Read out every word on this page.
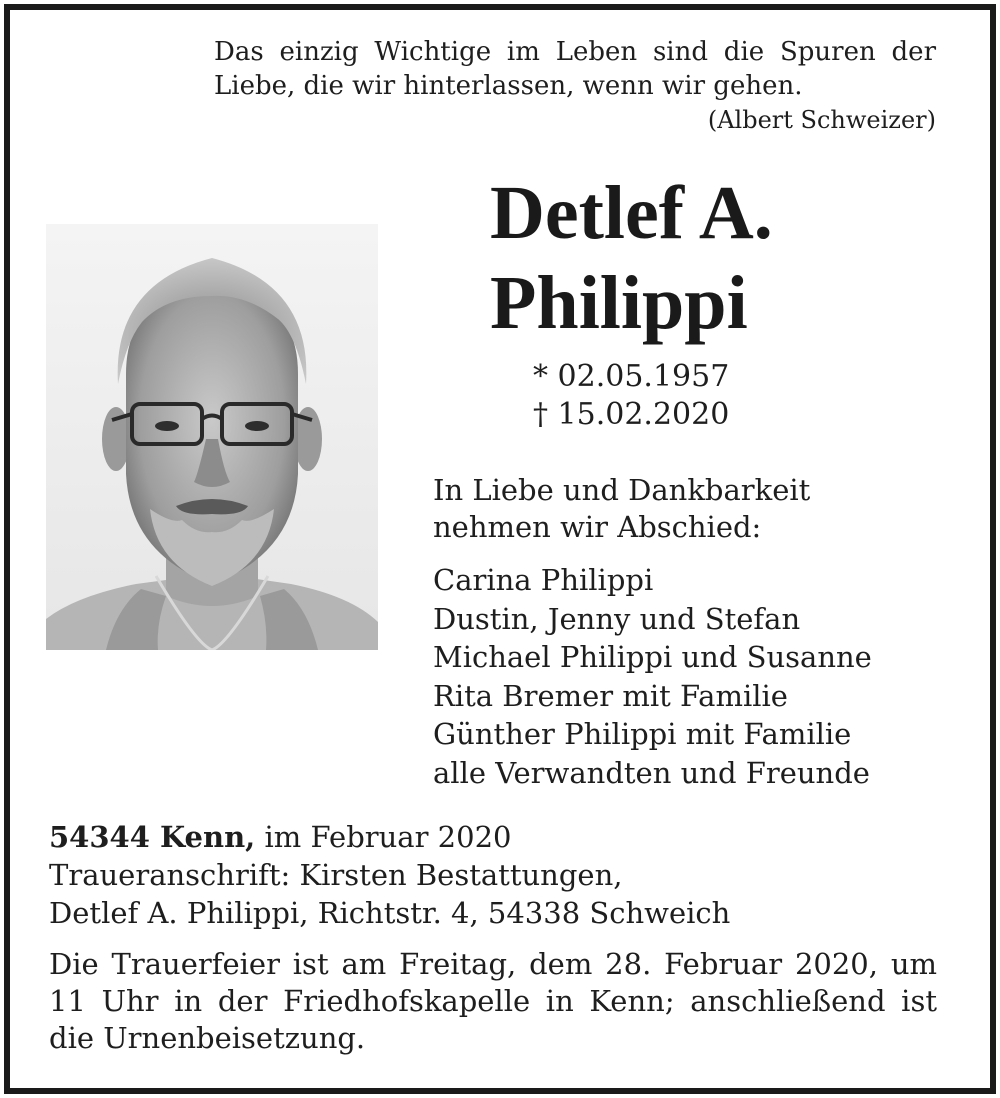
Das einzig Wichtige im Leben sind die Spuren der Liebe, die wir hinterlassen, wenn wir gehen.
(Albert Schweizer)
Detlef A.
Philippi
* 02.05.1957
† 15.02.2020
In Liebe und Dankbarkeit
nehmen wir Abschied:
Carina Philippi
Dustin, Jenny und Stefan
Michael Philippi und Susanne
Rita Bremer mit Familie
Günther Philippi mit Familie
alle Verwandten und Freunde
54344 Kenn, im Februar 2020
Traueranschrift: Kirsten Bestattungen,
Detlef A. Philippi, Richtstr. 4, 54338 Schweich
Die Trauerfeier ist am Freitag, dem 28. Februar 2020, um 11 Uhr in der Friedhofskapelle in Kenn; anschließend ist die Urnenbeisetzung.
